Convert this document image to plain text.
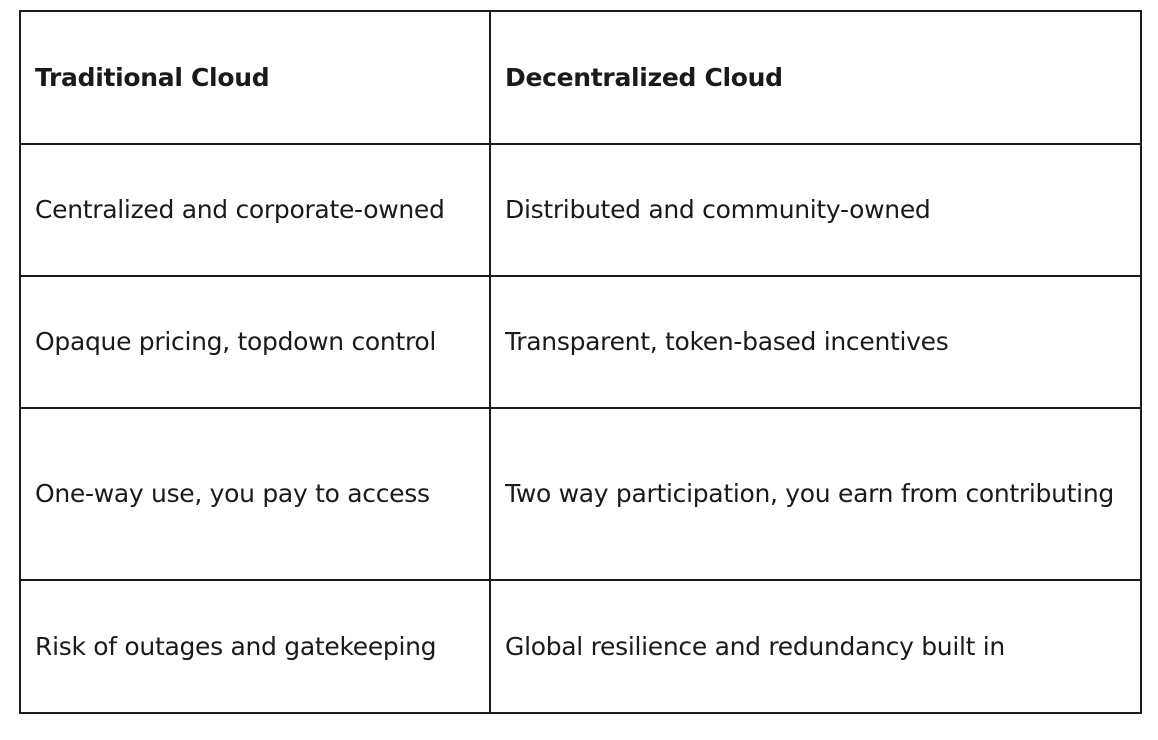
Traditional Cloud	Decentralized Cloud
Centralized and corporate-owned	Distributed and community-owned
Opaque pricing, topdown control	Transparent, token-based incentives
One-way use, you pay to access	Two way participation, you earn from contributing
Risk of outages and gatekeeping	Global resilience and redundancy built in
